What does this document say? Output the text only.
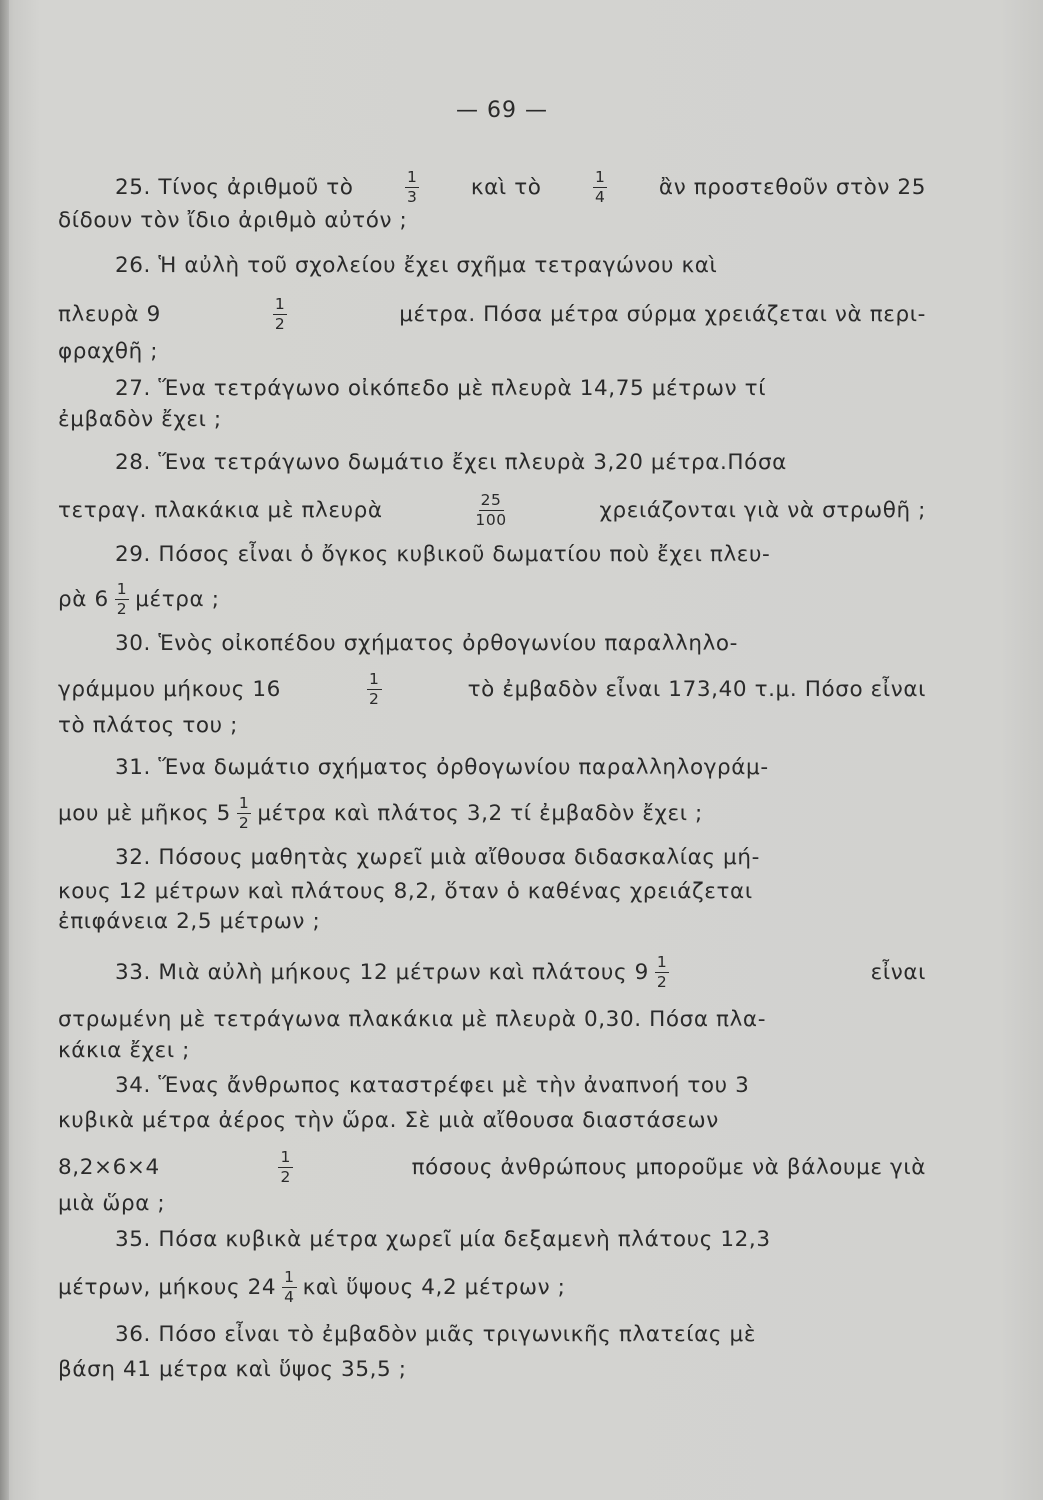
— 69 —
25. Τίνος ἀριθμοῦ τὸ	$\frac{1}{3}$ καὶ τὸ	$\frac{1}{4}$ ἂν προστεθοῦν στὸν 25
δίδουν τὸν ἴδιο ἀριθμὸ αὐτόν ;
26. Ἡ αὐλὴ τοῦ σχολείου ἔχει σχῆμα τετραγώνου καὶ
πλευρὰ 9	$\frac{1}{2}$	μέτρα. Πόσα μέτρα σύρμα χρειάζεται νὰ περι-
φραχθῆ ;
27. Ἕνα τετράγωνο οἰκόπεδο μὲ πλευρὰ 14,75 μέτρων τί
ἐμβαδὸν ἔχει ;
28. Ἕνα τετράγωνο δωμάτιο ἔχει πλευρὰ 3,20 μέτρα.Πόσα
τετραγ. πλακάκια μὲ πλευρὰ	$\frac{25}{100}$	χρειάζονται γιὰ νὰ στρωθῆ ;
29. Πόσος εἶναι ὁ ὄγκος κυβικοῦ δωματίου ποὺ ἔχει πλευ-
ρὰ $6 \frac{1}{2}$ μέτρα ;
30. Ἑνὸς οἰκοπέδου σχήματος ὀρθογωνίου παραλληλο-
γράμμου μήκους 16	$\frac{1}{2}$	τὸ ἐμβαδὸν εἶναι 173,40 τ.μ. Πόσο εἶναι
τὸ πλάτος του ;
31. Ἕνα δωμάτιο σχήματος ὀρθογωνίου παραλληλογράμ-
μου μὲ μῆκος $5 \frac{1}{2}$ μέτρα καὶ πλάτος 3,2 τί ἐμβαδὸν ἔχει ;
32. Πόσους μαθητὰς χωρεῖ μιὰ αἴθουσα διδασκαλίας μή-
κους 12 μέτρων καὶ πλάτους 8,2, ὅταν ὁ καθένας χρειάζεται
ἐπιφάνεια 2,5 μέτρων ;
33. Μιὰ αὐλὴ μήκους 12 μέτρων καὶ πλάτους $9 \frac{1}{2}$	εἶναι
στρωμένη μὲ τετράγωνα πλακάκια μὲ πλευρὰ 0,30. Πόσα πλα-
κάκια ἔχει ;
34. Ἕνας ἄνθρωπος καταστρέφει μὲ τὴν ἀναπνοή του 3
κυβικὰ μέτρα ἀέρος τὴν ὥρα. Σὲ μιὰ αἴθουσα διαστάσεων
8,2×6×4	$\frac{1}{2}$	πόσους ἀνθρώπους μποροῦμε νὰ βάλουμε γιὰ
μιὰ ὥρα ;
35. Πόσα κυβικὰ μέτρα χωρεῖ μία δεξαμενὴ πλάτους 12,3
μέτρων, μήκους $24 \frac{1}{4}$ καὶ ὕψους 4,2 μέτρων ;
36. Πόσο εἶναι τὸ ἐμβαδὸν μιᾶς τριγωνικῆς πλατείας μὲ
βάση 41 μέτρα καὶ ὕψος 35,5 ;
